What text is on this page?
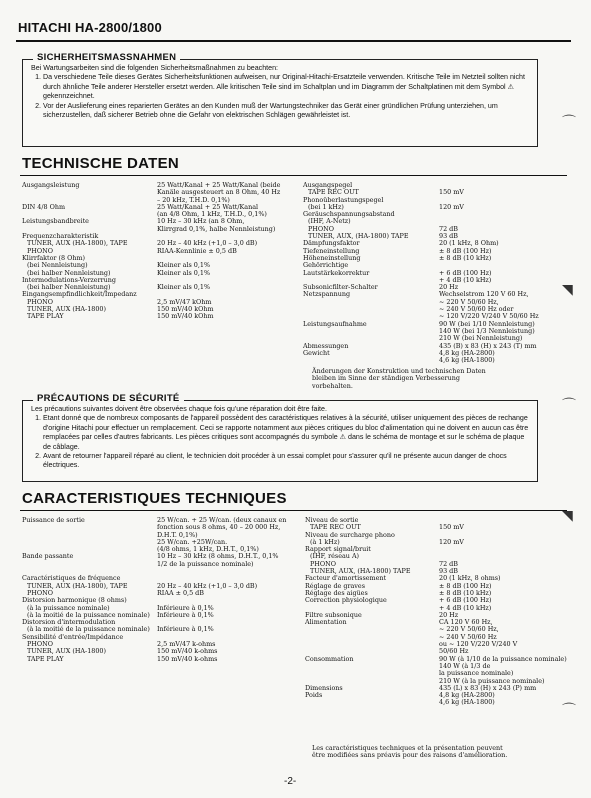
HITACHI HA-2800/1800
SICHERHEITSMASSNAHMEN

Bei Wartungsarbeiten sind die folgenden Sicherheitsmaßnahmen zu beachten:

1. Da verschiedene Teile dieses Gerätes Sicherheitsfunktionen aufweisen, nur Original-Hitachi-Ersatzteile verwenden. Kritische Teile im Netzteil sollten nicht durch ähnliche Teile anderer Hersteller ersetzt werden. Alle kritischen Teile sind im Schaltplan und im Diagramm der Schaltplatinen mit dem Symbol ⚠ gekennzeichnet.
2. Vor der Auslieferung eines reparierten Gerätes an den Kunden muß der Wartungstechniker das Gerät einer gründlichen Prüfung unterziehen, um sicherzustellen, daß sicherer Betrieb ohne die Gefahr von elektrischen Schlägen gewährleistet ist.
TECHNISCHE DATEN
Ausgangsleistung
DIN 4/8 Ohm
Leistungsbandbreite
Frequenzcharakteristik
TUNER, AUX (HA-1800), TAPE
PHONO
Klirrfaktor (8 Ohm)
(bei Nennleistung)
(bei halber Nennleistung)
Intermodulations-Verzerrung
(bei halber Nennleistung)
Eingangsempfindlichkeit/Impedanz
PHONO
TUNER, AUX (HA-1800)
TAPE PLAY
25 Watt/Kanal + 25 Watt/Kanal (beide
Kanäle ausgesteuert an 8 Ohm, 40 Hz
– 20 kHz, T.H.D. 0,1%)
25 Watt/Kanal + 25 Watt/Kanal
(an 4/8 Ohm, 1 kHz, T.H.D., 0,1%)
10 Hz – 30 kHz (an 8 Ohm,
Klirrgrad 0,1%, halbe Nennleistung)
20 Hz – 40 kHz (+1,0 – 3,0 dB)
RIAA-Kennlinie ± 0,5 dB
Kleiner als 0,1%
Kleiner als 0,1%
Kleiner als 0,1%
2,5 mV/47 kOhm
150 mV/40 kOhm
150 mV/40 kOhm
Ausgangspegel
TAPE REC OUT
Phonoüberlastungspegel
(bei 1 kHz)
Geräuschspannungsabstand
(IHF, A-Netz)
PHONO
TUNER, AUX, (HA-1800) TAPE
Dämpfungsfaktor
Tiefeneinstellung
Höheneinstellung
Gehörrichtige
Lautstärkekorrektur
Subsonicfilter-Schalter
Netzspannung
Leistungsaufnahme
Abmessungen
Gewicht
150 mV
120 mV
72 dB
93 dB
20 (1 kHz, 8 Ohm)
± 8 dB (100 Hz)
± 8 dB (10 kHz)
+ 6 dB (100 Hz)
+ 4 dB (10 kHz)
20 Hz
Wechselstrom 120 V 60 Hz,
~ 220 V 50/60 Hz,
~ 240 V 50/60 Hz oder
~ 120 V/220 V/240 V 50/60 Hz
90 W (bei 1/10 Nennleistung)
140 W (bei 1/3 Nennleistung)
210 W (bei Nennleistung)
435 (B) x 83 (H) x 243 (T) mm
4,8 kg (HA-2800)
4,6 kg (HA-1800)
Änderungen der Konstruktion und technischen Daten bleiben im Sinne der ständigen Verbesserung vorbehalten.
PRÉCAUTIONS DE SÉCURITÉ

Les précautions suivantes doivent être observées chaque fois qu'une réparation doit être faite.

1. Etant donné que de nombreux composants de l'appareil possèdent des caractéristiques relatives à la sécurité, utiliser uniquement des pièces de rechange d'origine Hitachi pour effectuer un remplacement. Ceci se rapporte notamment aux pièces critiques du bloc d'alimentation qui ne doivent en aucun cas être remplacées par celles d'autres fabricants. Les pièces critiques sont accompagnés du symbole ⚠ dans le schéma de montage et sur le schéma de plaque de câblage.
2. Avant de retourner l'appareil réparé au client, le technicien doit procéder à un essai complet pour s'assurer qu'il ne présente aucun danger de chocs électriques.
CARACTERISTIQUES TECHNIQUES
Puissance de sortie
Bande passante
Caractéristiques de fréquence
TUNER, AUX (HA-1800), TAPE
PHONO
Distorsion harmonique (8 ohms)
(à la puissance nominale)
(à la moitié de la puissance nominale)
Distorsion d'intermodulation
(à la moitié de la puissance nominale)
Sensibilité d'entrée/Impédance
PHONO
TUNER, AUX (HA-1800)
TAPE PLAY
25 W/can. + 25 W/can. (deux canaux en
fonction sous 8 ohms, 40 – 20 000 Hz,
D.H.T. 0,1%)
25 W/can. +25W/can.
(4/8 ohms, 1 kHz, D.H.T., 0,1%)
10 Hz – 30 kHz (8 ohms, D.H.T., 0,1%
1/2 de la puissance nominale)
20 Hz – 40 kHz (+1,0 – 3,0 dB)
RIAA ± 0,5 dB
Inférieure à 0,1%
Inférieure à 0,1%
Inférieure à 0,1%
2,5 mV/47 k-ohms
150 mV/40 k-ohms
150 mV/40 k-ohms
Niveau de sortie
TAPE REC OUT
Niveau de surcharge phono
(à 1 kHz)
Rapport signal/bruit
(IHF, réseau A)
PHONO
TUNER, AUX, (HA-1800) TAPE
Facteur d'amortissement
Réglage de graves
Réglage des aigües
Correction physiologique
Filtre subsonique
Alimentation
Consommation
Dimensions
Poids
150 mV
120 mV
72 dB
93 dB
20 (1 kHz, 8 ohms)
± 8 dB (100 Hz)
± 8 dB (10 kHz)
+ 6 dB (100 Hz)
+ 4 dB (10 kHz)
20 Hz
CA 120 V 60 Hz,
~ 220 V 50/60 Hz,
~ 240 V 50/60 Hz
ou ~ 120 V/220 V/240 V
50/60 Hz
90 W (à 1/10 de la puissance nominale)
140 W (à 1/3 de
la puissance nominale)
210 W (à la puissance nominale)
435 (L) x 83 (H) x 243 (P) mm
4,8 kg (HA-2800)
4,6 kg (HA-1800)
Les caractéristiques techniques et la présentation peuvent être modifiées sans préavis pour des raisons d'amélioration.
⌒
◥
⌒
◥
⌒
-2-
